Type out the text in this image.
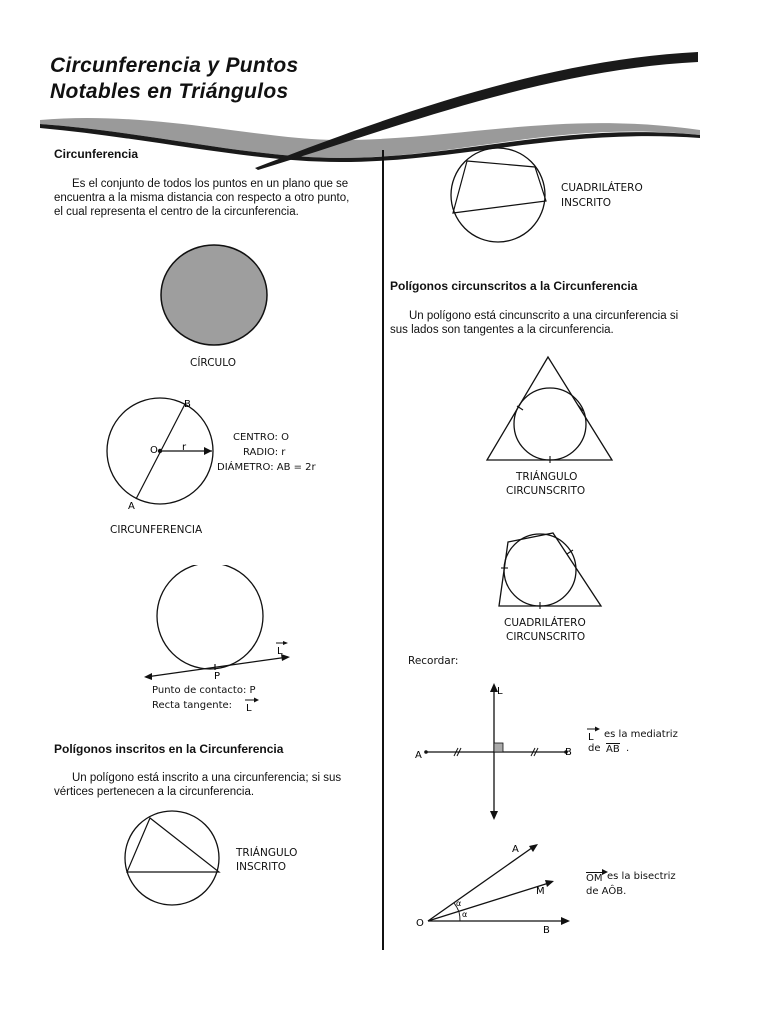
Circunferencia y Puntos
Notables en Triángulos
Circunferencia
Es el conjunto de todos los puntos en un plano que se
encuentra a la misma distancia con respecto a otro punto,
el cual representa el centro de la circunferencia.
CÍRCULO
B
O r
A
CENTRO: O
RADIO: r
DIÁMETRO: AB = 2r
CIRCUNFERENCIA
P
L
Punto de contacto: P
Recta tangente: L
Polígonos inscritos en la Circunferencia
Un polígono está inscrito a una circunferencia; si sus
vértices pertenecen a la circunferencia.
TRIÁNGULO
INSCRITO
CUADRILÁTERO
INSCRITO
Polígonos circunscritos a la Circunferencia
Un polígono está cincunscrito a una circunferencia si
sus lados son tangentes a la circunferencia.
TRIÁNGULO
CIRCUNSCRITO
CUADRILÁTERO
CIRCUNSCRITO
Recordar:
L
A	B
L es la mediatriz
de AB .
α
α
A
M
O
B
OM es la bisectriz
de AÔB.
